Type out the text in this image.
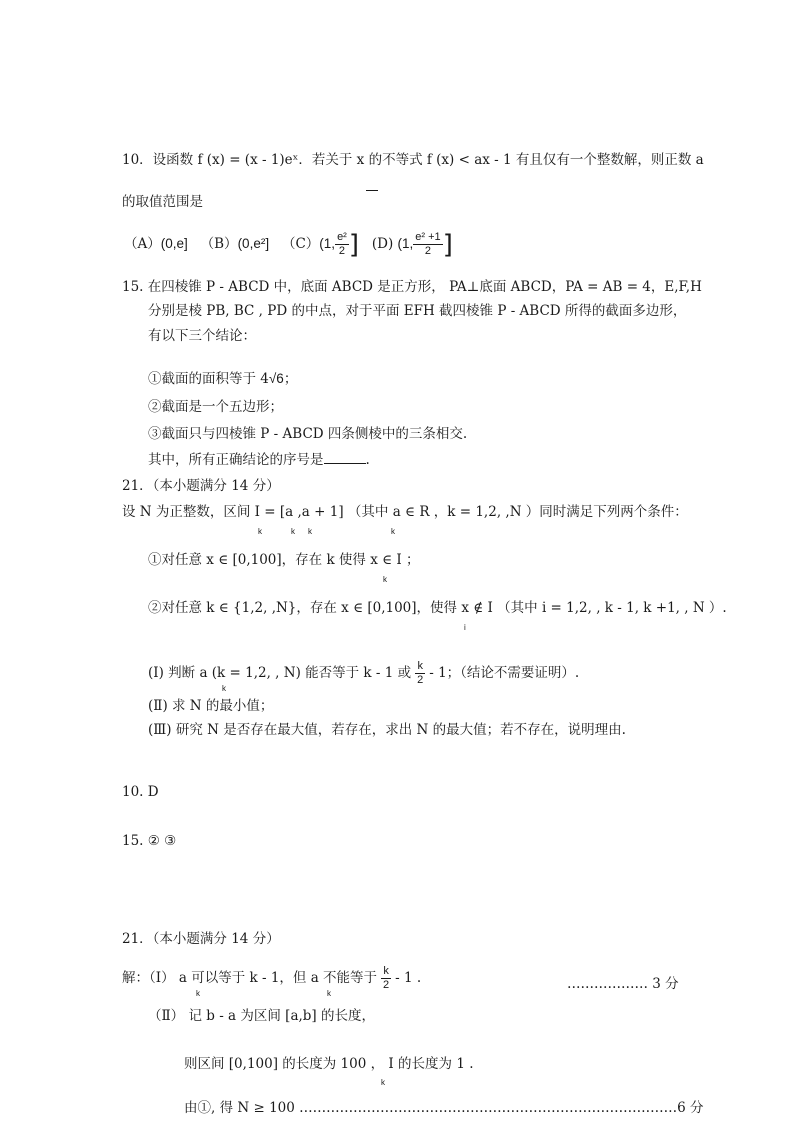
10．设函数 f (x) = (x - 1)eˣ．若关于 x 的不等式 f (x) < ax - 1 有且仅有一个整数解，则正数 a
的取值范围是
（A）(0,e] （B）(0,e²] （C）(1, $\frac{\text{e²}}{2}$ ] (D) (1, $\frac{\text{e² +1}}{2}$ ]
15. 在四棱锥 P - ABCD 中，底面 ABCD 是正方形， PA⊥底面 ABCD，PA = AB = 4，E,F,H
分别是棱 PB, BC , PD 的中点，对于平面 EFH 截四棱锥 P - ABCD 所得的截面多边形，
有以下三个结论：
①截面的面积等于 4√6；
②截面是一个五边形；
③截面只与四棱锥 P - ABCD 四条侧棱中的三条相交.
其中，所有正确结论的序号是	.
21．（本小题满分 14 分）
设 N 为正整数，区间 I = [a ,a + 1] （其中 a ∈ R ，k = 1,2, ,N ）同时满足下列两个条件：
k	k k	k
①对任意 x ∈ [0,100]，存在 k 使得 x ∈ I ；
k
②对任意 k ∈ {1,2, ,N}，存在 x ∈ [0,100]，使得 x ∉ I （其中 i = 1,2, , k - 1, k +1, , N ）.
i
(Ⅰ) 判断 a (k = 1,2, , N) 能否等于 k - 1 或 $\frac{k}{2} - 1$；（结论不需要证明）.
k
(Ⅱ) 求 N 的最小值；
(Ⅲ) 研究 N 是否存在最大值，若存在，求出 N 的最大值；若不存在，说明理由.
10. D
15. ② ③
21．（本小题满分 14 分）
解：（Ⅰ） a 可以等于 k - 1，但 a 不能等于 $\frac{k}{2} - 1$ .	……………… 3 分
k	k
（Ⅱ） 记 b - a 为区间 [a,b] 的长度，
则区间 [0,100] 的长度为 100 ， I 的长度为 1 .
k
由①, 得 N ≥ 100 …………………………………………………………………………6 分
